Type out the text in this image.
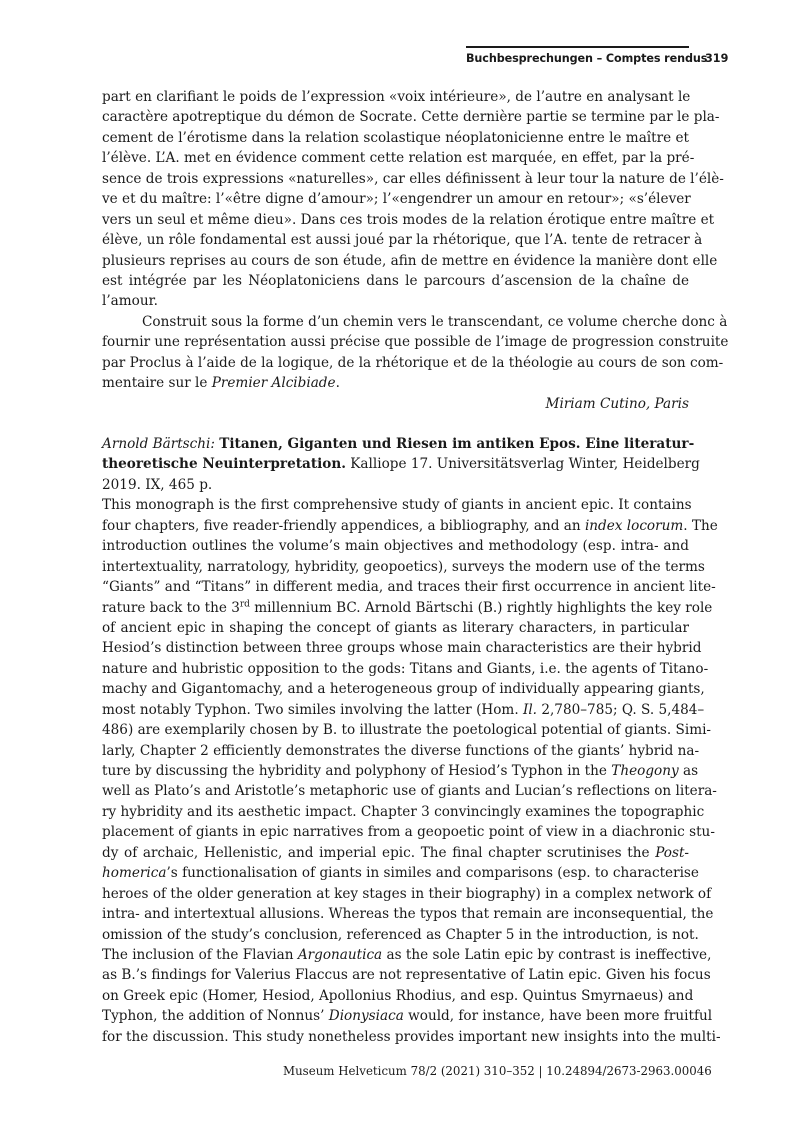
Buchbesprechungen – Comptes rendus
319
part en clarifiant le poids de l’expression «voix intérieure», de l’autre en analysant le
caractère apotreptique du démon de Socrate. Cette dernière partie se termine par le pla-
cement de l’érotisme dans la relation scolastique néoplatonicienne entre le maître et
l’élève. L’A. met en évidence comment cette relation est marquée, en effet, par la pré-
sence de trois expressions «naturelles», car elles définissent à leur tour la nature de l’élè-
ve et du maître: l’«être digne d’amour»; l’«engendrer un amour en retour»; «s’élever
vers un seul et même dieu». Dans ces trois modes de la relation érotique entre maître et
élève, un rôle fondamental est aussi joué par la rhétorique, que l’A. tente de retracer à
plusieurs reprises au cours de son étude, afin de mettre en évidence la manière dont elle
est intégrée par les Néoplatoniciens dans le parcours d’ascension de la chaîne de
l’amour.
Construit sous la forme d’un chemin vers le transcendant, ce volume cherche donc à
fournir une représentation aussi précise que possible de l’image de progression construite
par Proclus à l’aide de la logique, de la rhétorique et de la théologie au cours de son com-
mentaire sur le Premier Alcibiade.
Miriam Cutino, Paris
Arnold Bärtschi: Titanen, Giganten und Riesen im antiken Epos. Eine literatur-
theoretische Neuinterpretation. Kalliope 17. Universitätsverlag Winter, Heidelberg
2019. IX, 465 p.
This monograph is the first comprehensive study of giants in ancient epic. It contains
four chapters, five reader-friendly appendices, a bibliography, and an index locorum. The
introduction outlines the volume’s main objectives and methodology (esp. intra- and
intertextuality, narratology, hybridity, geopoetics), surveys the modern use of the terms
“Giants” and “Titans” in different media, and traces their first occurrence in ancient lite-
rature back to the 3rd millennium BC. Arnold Bärtschi (B.) rightly highlights the key role
of ancient epic in shaping the concept of giants as literary characters, in particular
Hesiod’s distinction between three groups whose main characteristics are their hybrid
nature and hubristic opposition to the gods: Titans and Giants, i.e. the agents of Titano-
machy and Gigantomachy, and a heterogeneous group of individually appearing giants,
most notably Typhon. Two similes involving the latter (Hom. Il. 2,780–785; Q. S. 5,484–
486) are exemplarily chosen by B. to illustrate the poetological potential of giants. Simi-
larly, Chapter 2 efficiently demonstrates the diverse functions of the giants’ hybrid na-
ture by discussing the hybridity and polyphony of Hesiod’s Typhon in the Theogony as
well as Plato’s and Aristotle’s metaphoric use of giants and Lucian’s reflections on litera-
ry hybridity and its aesthetic impact. Chapter 3 convincingly examines the topographic
placement of giants in epic narratives from a geopoetic point of view in a diachronic stu-
dy of archaic, Hellenistic, and imperial epic. The final chapter scrutinises the Post-
homerica’s functionalisation of giants in similes and comparisons (esp. to characterise
heroes of the older generation at key stages in their biography) in a complex network of
intra- and intertextual allusions. Whereas the typos that remain are inconsequential, the
omission of the study’s conclusion, referenced as Chapter 5 in the introduction, is not.
The inclusion of the Flavian Argonautica as the sole Latin epic by contrast is ineffective,
as B.’s findings for Valerius Flaccus are not representative of Latin epic. Given his focus
on Greek epic (Homer, Hesiod, Apollonius Rhodius, and esp. Quintus Smyrnaeus) and
Typhon, the addition of Nonnus’ Dionysiaca would, for instance, have been more fruitful
for the discussion. This study nonetheless provides important new insights into the multi-
Museum Helveticum 78/2 (2021) 310–352 | 10.24894/2673-2963.00046
